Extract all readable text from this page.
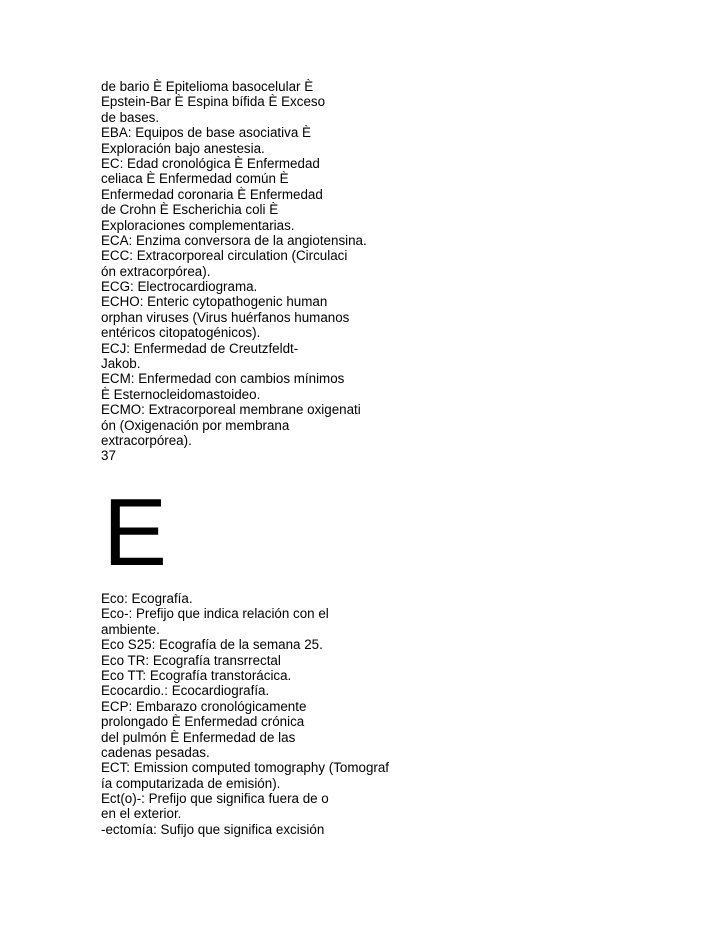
de bario È Epitelioma basocelular È
Epstein-Bar È Espina bífida È Exceso
de bases.
EBA: Equipos de base asociativa È
Exploración bajo anestesia.
EC: Edad cronológica È Enfermedad
celiaca È Enfermedad común È
Enfermedad coronaria È Enfermedad
de Crohn È Escherichia coli È
Exploraciones complementarias.
ECA: Enzima conversora de la angiotensina.
ECC: Extracorporeal circulation (Circulaci
ón extracorpórea).
ECG: Electrocardiograma.
ECHO: Enteric cytopathogenic human
orphan viruses (Virus huérfanos humanos
entéricos citopatogénicos).
ECJ: Enfermedad de Creutzfeldt-
Jakob.
ECM: Enfermedad con cambios mínimos
È Esternocleidomastoideo.
ECMO: Extracorporeal membrane oxigenati
ón (Oxigenación por membrana
extracorpórea).
37
E
Eco: Ecografía.
Eco-: Prefijo que indica relación con el
ambiente.
Eco S25: Ecografía de la semana 25.
Eco TR: Ecografía transrrectal
Eco TT: Ecografía transtorácica.
Ecocardio.: Ecocardiografía.
ECP: Embarazo cronológicamente
prolongado È Enfermedad crónica
del pulmón È Enfermedad de las
cadenas pesadas.
ECT: Emission computed tomography (Tomograf
ía computarizada de emisión).
Ect(o)-: Prefijo que significa fuera de o
en el exterior.
-ectomía: Sufijo que significa excisión
